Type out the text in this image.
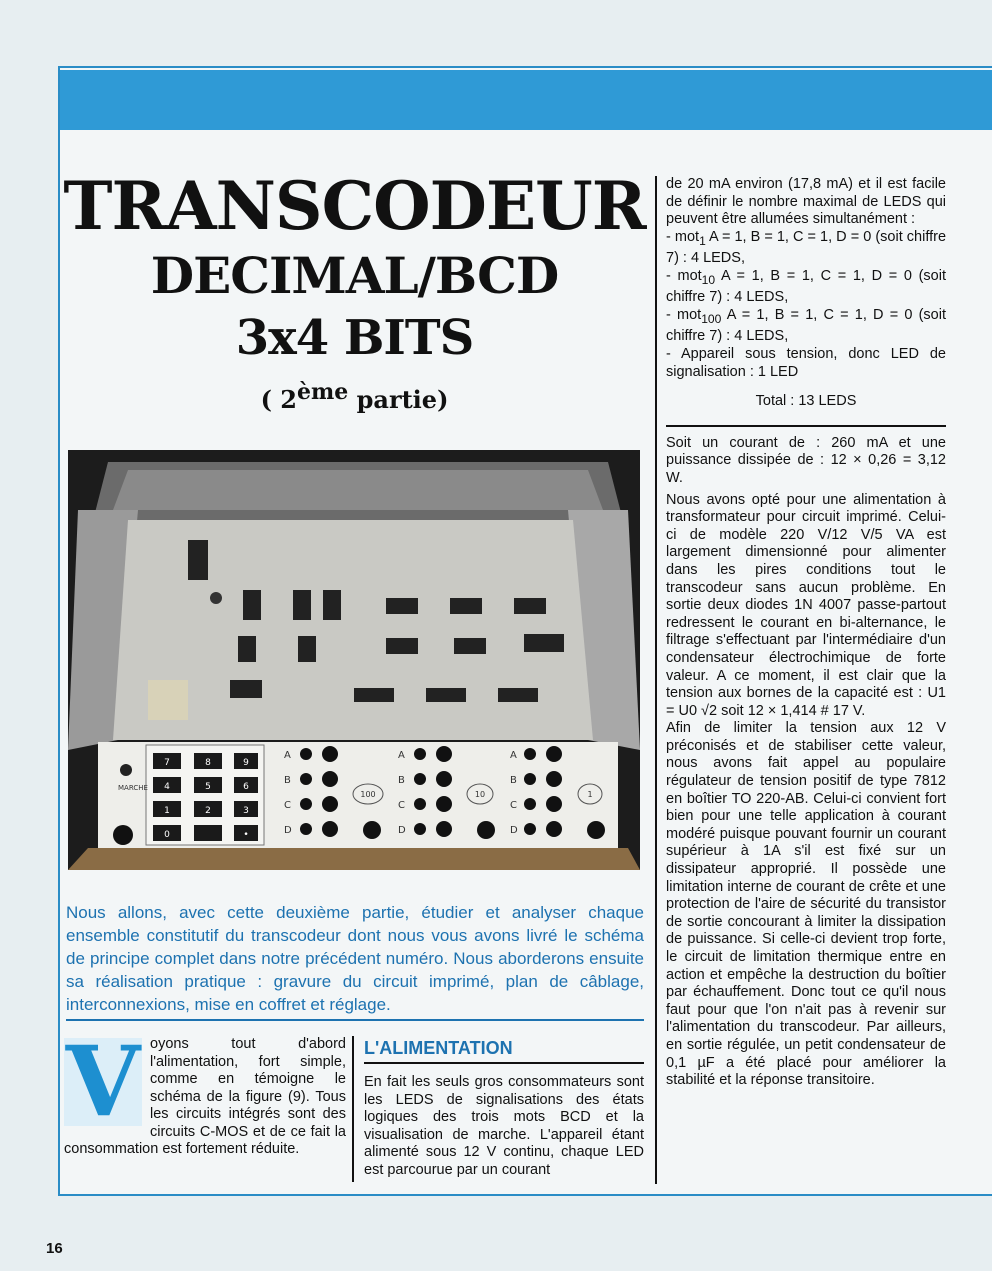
TRANSCODEUR
DECIMAL/BCD
3x4 BITS
( 2ème partie)
7	8	9
4	5	6
1	2	3
0	•
MARCHE
A
B
C
D
A
B
C
D
A
B
C
D
100	10	1

Nous allons, avec cette deuxième partie, étudier et analyser chaque ensemble constitutif du transcodeur dont nous vous avons livré le schéma de principe complet dans notre précédent numéro. Nous aborderons ensuite sa réalisation pratique : gravure du circuit imprimé, plan de câblage, interconnexions, mise en coffret et réglage.

V oyons tout d'abord l'alimentation, fort simple, comme en témoigne le schéma de la figure (9). Tous les circuits intégrés sont des circuits C-MOS et de ce fait la consommation est fortement réduite.

L'ALIMENTATION

En fait les seuls gros consommateurs sont les LEDS de signalisations des états logiques des trois mots BCD et la visualisation de marche. L'appareil étant alimenté sous 12 V continu, chaque LED est parcourue par un courant

de 20 mA environ (17,8 mA) et il est facile de définir le nombre maximal de LEDS qui peuvent être allumées simultanément :

- mot$_1$ A = 1, B = 1, C = 1, D = 0 (soit chiffre 7) : 4 LEDS,

- mot$_{10}$ A = 1, B = 1, C = 1, D = 0 (soit chiffre 7) : 4 LEDS,

- mot$_{100}$ A = 1, B = 1, C = 1, D = 0 (soit chiffre 7) : 4 LEDS,

- Appareil sous tension, donc LED de signalisation : 1 LED

Total : 13 LEDS

Soit un courant de : 260 mA et une puissance dissipée de : 12 × 0,26 = 3,12 W.

Nous avons opté pour une alimentation à transformateur pour circuit imprimé. Celui-ci de modèle 220 V/12 V/5 VA est largement dimensionné pour alimenter dans les pires conditions tout le transcodeur sans aucun problème. En sortie deux diodes 1N 4007 passe-partout redressent le courant en bi-alternance, le filtrage s'effectuant par l'intermédiaire d'un condensateur électrochimique de forte valeur. A ce moment, il est clair que la tension aux bornes de la capacité est : U1 = U0 √2 soit 12 × 1,414 # 17 V.

Afin de limiter la tension aux 12 V préconisés et de stabiliser cette valeur, nous avons fait appel au populaire régulateur de tension positif de type 7812 en boîtier TO 220-AB. Celui-ci convient fort bien pour une telle application à courant modéré puisque pouvant fournir un courant supérieur à 1A s'il est fixé sur un dissipateur approprié. Il possède une limitation interne de courant de crête et une protection de l'aire de sécurité du transistor de sortie concourant à limiter la dissipation de puissance. Si celle-ci devient trop forte, le circuit de limitation thermique entre en action et empêche la destruction du boîtier par échauffement. Donc tout ce qu'il nous faut pour que l'on n'ait pas à revenir sur l'alimentation du transcodeur. Par ailleurs, en sortie régulée, un petit condensateur de 0,1 µF a été placé pour améliorer la stabilité et la réponse transitoire.

16
